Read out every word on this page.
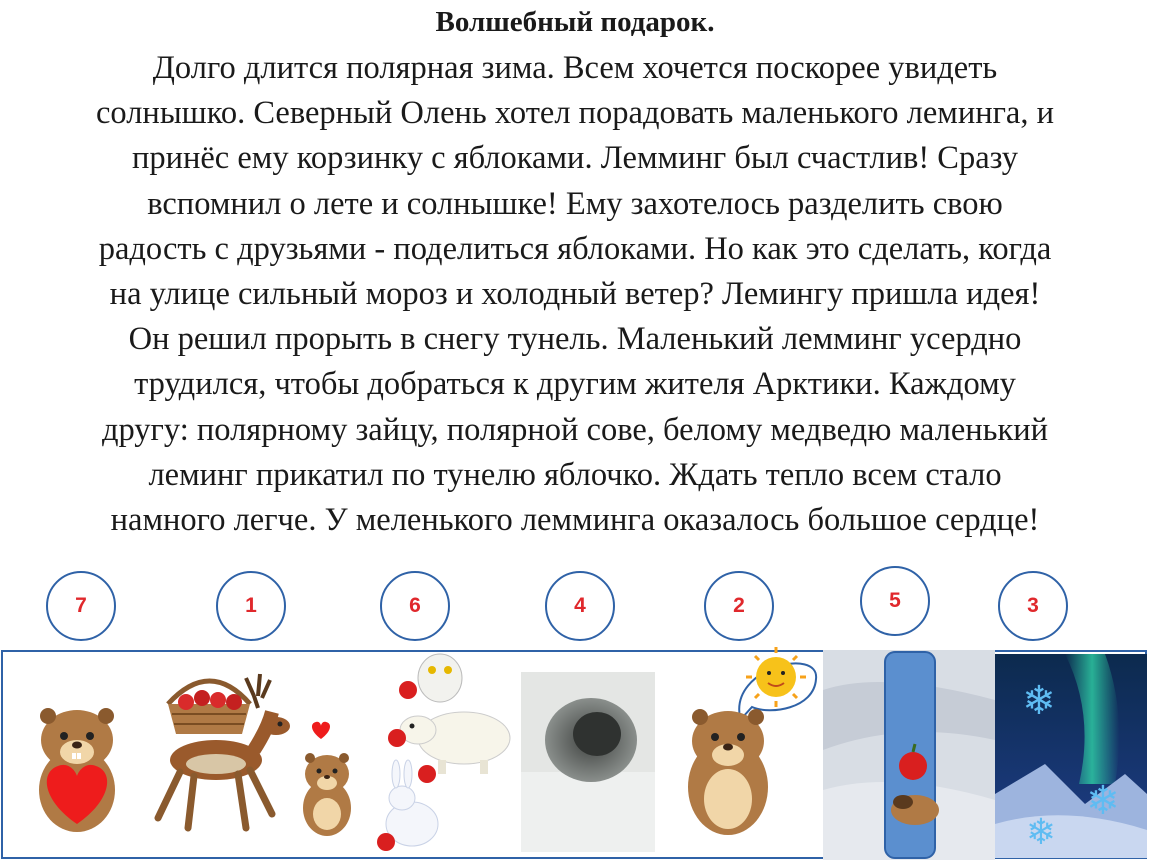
Волшебный подарок.
Долго длится полярная зима. Всем хочется поскорее увидеть
солнышко. Северный Олень хотел порадовать маленького леминга, и
принёс ему корзинку с яблоками. Лемминг был счастлив! Сразу
вспомнил о лете и солнышке! Ему захотелось разделить свою
радость с друзьями - поделиться яблоками. Но как это сделать, когда
на улице сильный мороз и холодный ветер? Лемингу пришла идея!
Он решил прорыть в снегу тунель. Маленький лемминг усердно
трудился, чтобы добраться к другим жителя Арктики. Каждому
другу: полярному зайцу, полярной сове, белому медведю маленький
леминг прикатил по тунелю яблочко. Ждать тепло всем стало
намного легче. У меленького лемминга оказалось большое сердце!
7	1	6	4	2	5	3
❄
❄
❄
